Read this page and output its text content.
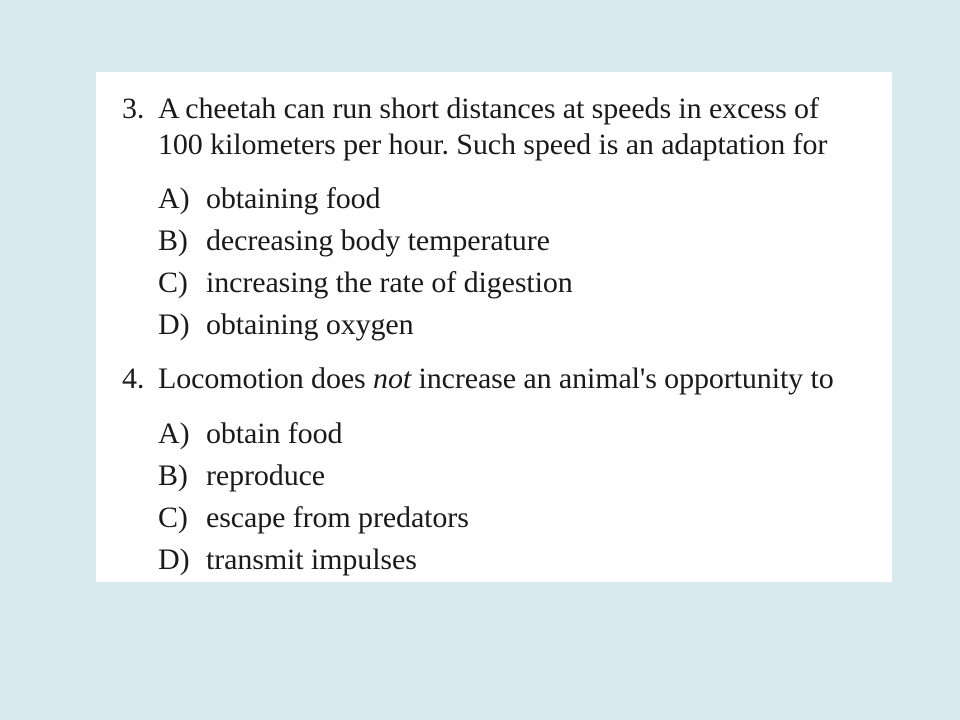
3. A cheetah can run short distances at speeds in excess of
100 kilometers per hour. Such speed is an adaptation for
A) obtaining food
B) decreasing body temperature
C) increasing the rate of digestion
D) obtaining oxygen
4. Locomotion does not increase an animal's opportunity to
A) obtain food
B) reproduce
C) escape from predators
D) transmit impulses
